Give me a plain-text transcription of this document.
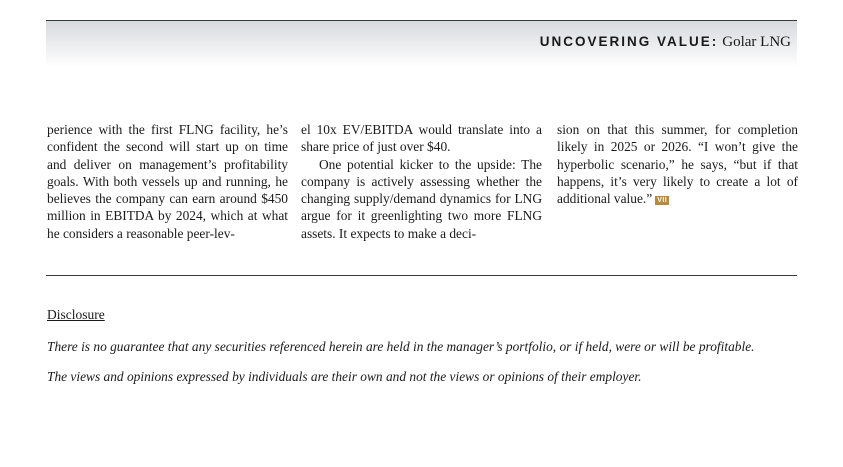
UNCOVERING VALUE: Golar LNG

perience with the first FLNG facility, he’s confident the second will start up on time and deliver on management’s profitability goals. With both vessels up and running, he believes the company can earn around $450 million in EBITDA by 2024, which at what he considers a reasonable peer-lev-

el 10x EV/EBITDA would translate into a share price of just over $40.

One potential kicker to the upside: The company is actively assessing whether the changing supply/demand dynamics for LNG argue for it greenlighting two more FLNG assets. It expects to make a deci-

sion on that this summer, for completion likely in 2025 or 2026. “I won’t give the hyperbolic scenario,” he says, “but if that happens, it’s very likely to create a lot of additional value.” VII

Disclosure
There is no guarantee that any securities referenced herein are held in the manager’s portfolio, or if held, were or will be profitable.
The views and opinions expressed by individuals are their own and not the views or opinions of their employer.
